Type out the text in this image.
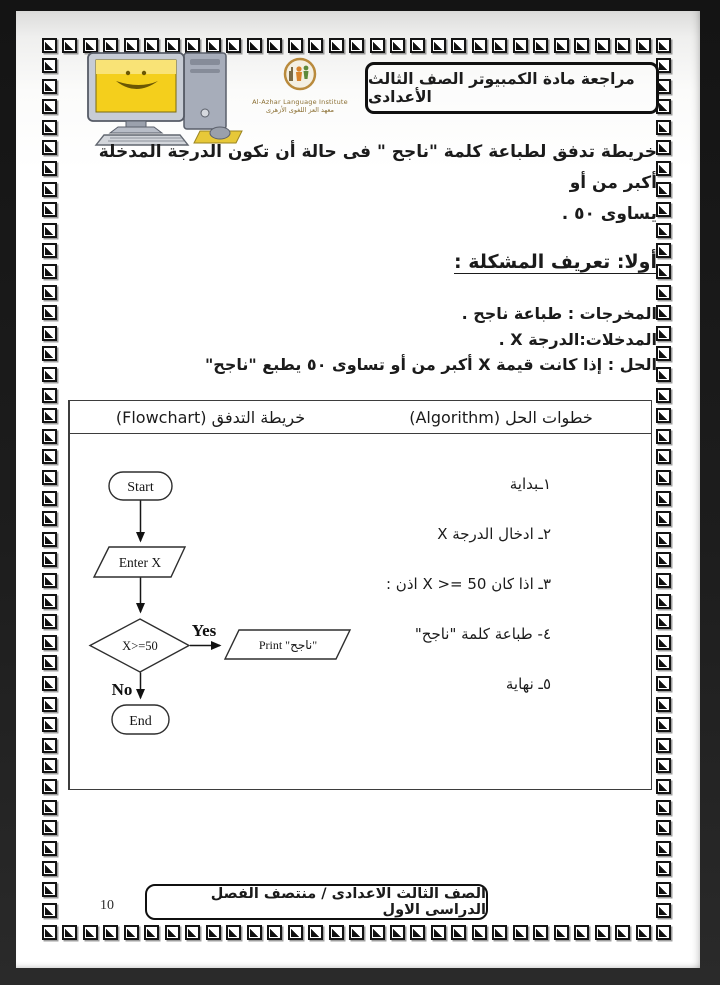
Al-Azhar Language Institute
معهد العز اللغوى الأزهرى
مراجعة مادة الكمبيوتر الصف الثالث الأعدادى
خريطة تدفق لطباعة كلمة "ناجح " فى حالة أن تكون الدرجة المدخلة أكبر من أو
يساوى ٥٠ .
أولا: تعريف المشكلة :
المخرجات : طباعة ناجح .
المدخلات:الدرجة X .
الحل : إذا كانت قيمة X أكبر من أو تساوى ٥٠ يطبع "ناجح"
خريطة التدفق (Flowchart)	خطوات الحل (Algorithm)
Start
Enter X
X>=50
Yes
No
Print "ناجح"
End
١ـبداية
٢ـ ادخال الدرجة X
٣ـ اذا كان X >= 50 اذن :
٤- طباعة كلمة "ناجح"
٥ـ نهاية
الصف الثالث الاعدادى / منتصف الفصل الدراسى الاول
10
